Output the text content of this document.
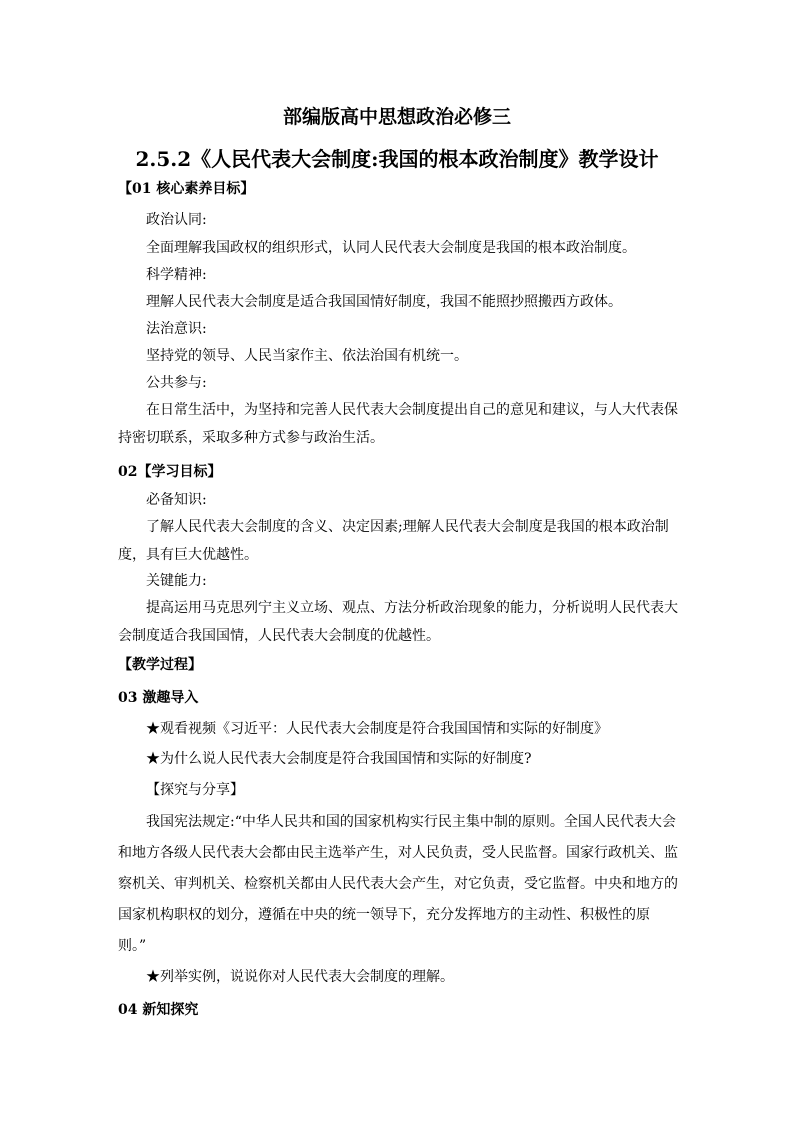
部编版高中思想政治必修三
2.5.2《人民代表大会制度:我国的根本政治制度》教学设计
【01 核心素养目标】
政治认同:
全面理解我国政权的组织形式，认同人民代表大会制度是我国的根本政治制度。
科学精神:
理解人民代表大会制度是适合我国国情好制度，我国不能照抄照搬西方政体。
法治意识:
坚持党的领导、人民当家作主、依法治国有机统一。
公共参与:
在日常生活中，为坚持和完善人民代表大会制度提出自己的意见和建议，与人大代表保持密切联系，采取多种方式参与政治生活。
02【学习目标】
必备知识:
了解人民代表大会制度的含义、决定因素;理解人民代表大会制度是我国的根本政治制度，具有巨大优越性。
关键能力:
提高运用马克思列宁主义立场、观点、方法分析政治现象的能力，分析说明人民代表大会制度适合我国国情，人民代表大会制度的优越性。
【教学过程】
03 激趣导入
★观看视频《习近平：人民代表大会制度是符合我国国情和实际的好制度》
★为什么说人民代表大会制度是符合我国国情和实际的好制度?
【探究与分享】
我国宪法规定:“中华人民共和国的国家机构实行民主集中制的原则。全国人民代表大会和地方各级人民代表大会都由民主选举产生，对人民负责，受人民监督。国家行政机关、监察机关、审判机关、检察机关都由人民代表大会产生，对它负责，受它监督。中央和地方的国家机构职权的划分，遵循在中央的统一领导下，充分发挥地方的主动性、积极性的原则。”
★列举实例，说说你对人民代表大会制度的理解。
04 新知探究
